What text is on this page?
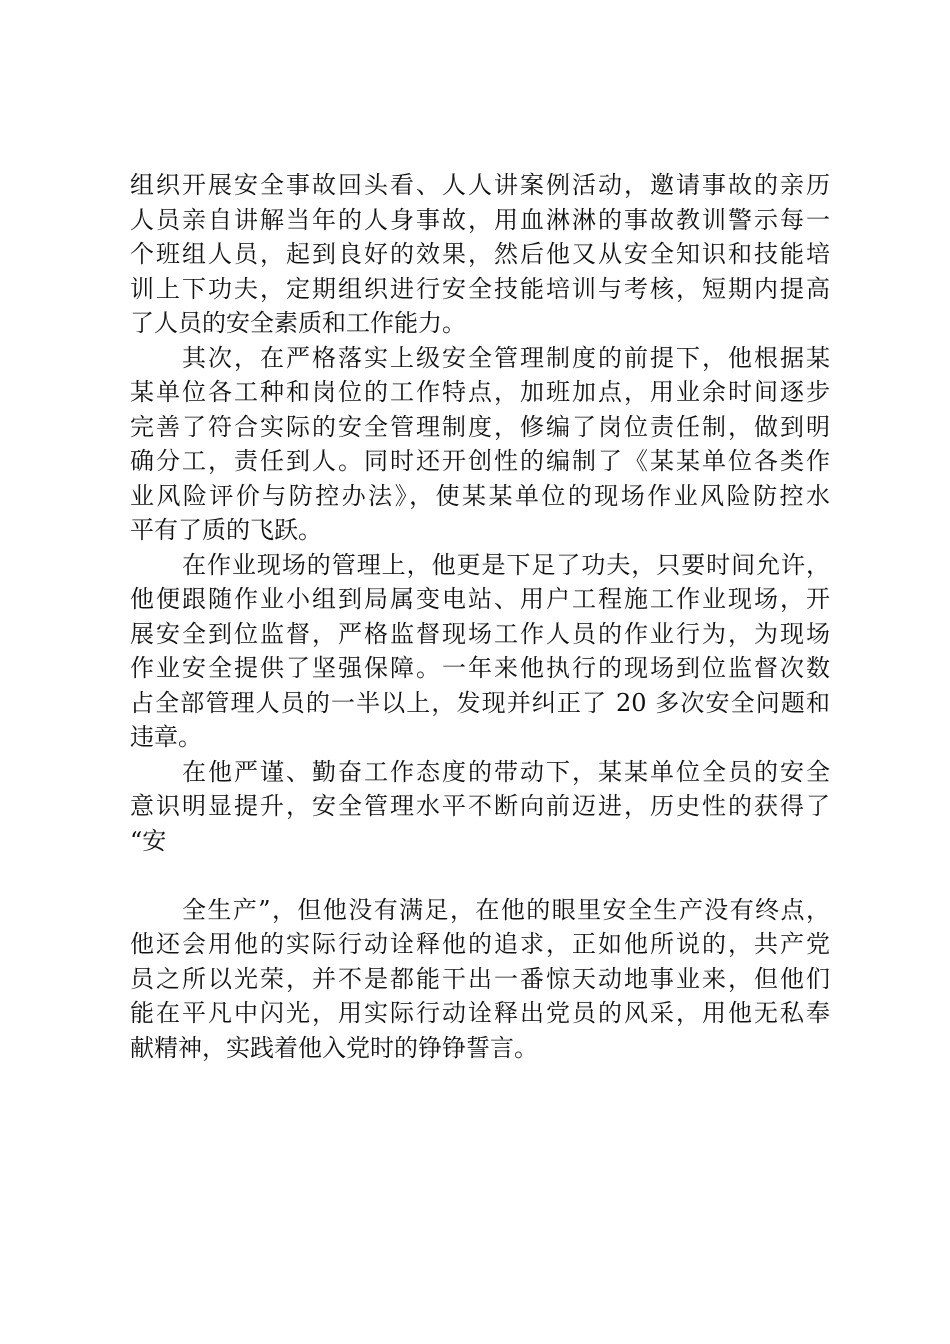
组织开展安全事故回头看、人人讲案例活动，邀请事故的亲历
人员亲自讲解当年的人身事故，用血淋淋的事故教训警示每一
个班组人员，起到良好的效果，然后他又从安全知识和技能培
训上下功夫，定期组织进行安全技能培训与考核，短期内提高
了人员的安全素质和工作能力。
其次，在严格落实上级安全管理制度的前提下，他根据某
某单位各工种和岗位的工作特点，加班加点，用业余时间逐步
完善了符合实际的安全管理制度，修编了岗位责任制，做到明
确分工，责任到人。同时还开创性的编制了《某某单位各类作
业风险评价与防控办法》，使某某单位的现场作业风险防控水
平有了质的飞跃。
在作业现场的管理上，他更是下足了功夫，只要时间允许，
他便跟随作业小组到局属变电站、用户工程施工作业现场，开
展安全到位监督，严格监督现场工作人员的作业行为，为现场
作业安全提供了坚强保障。一年来他执行的现场到位监督次数
占全部管理人员的一半以上，发现并纠正了 20 多次安全问题和
违章。
在他严谨、勤奋工作态度的带动下，某某单位全员的安全
意识明显提升，安全管理水平不断向前迈进，历史性的获得了
“安
全生产”，但他没有满足，在他的眼里安全生产没有终点，
他还会用他的实际行动诠释他的追求，正如他所说的，共产党
员之所以光荣，并不是都能干出一番惊天动地事业来，但他们
能在平凡中闪光，用实际行动诠释出党员的风采，用他无私奉
献精神，实践着他入党时的铮铮誓言。
